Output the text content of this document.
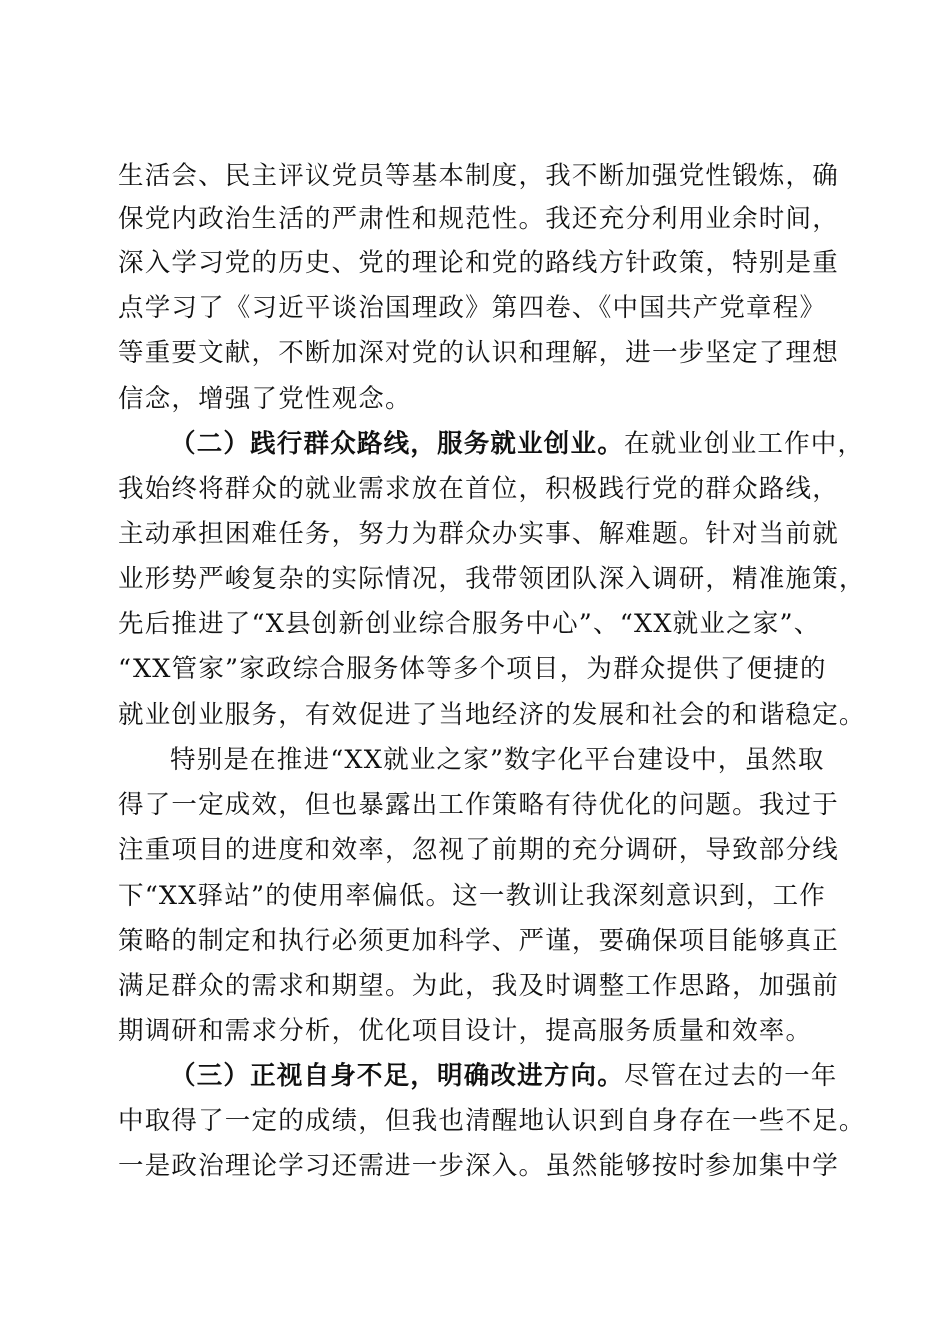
生活会、民主评议党员等基本制度，我不断加强党性锻炼，确
保党内政治生活的严肃性和规范性。我还充分利用业余时间，
深入学习党的历史、党的理论和党的路线方针政策，特别是重
点学习了《习近平谈治国理政》第四卷、《中国共产党章程》
等重要文献，不断加深对党的认识和理解，进一步坚定了理想
信念，增强了党性观念。
（二）践行群众路线，服务就业创业。在就业创业工作中，
我始终将群众的就业需求放在首位，积极践行党的群众路线，
主动承担困难任务，努力为群众办实事、解难题。针对当前就
业形势严峻复杂的实际情况，我带领团队深入调研，精准施策，
先后推进了“X县创新创业综合服务中心”、“XX就业之家”、
“XX管家”家政综合服务体等多个项目，为群众提供了便捷的
就业创业服务，有效促进了当地经济的发展和社会的和谐稳定。
特别是在推进“XX就业之家”数字化平台建设中，虽然取
得了一定成效，但也暴露出工作策略有待优化的问题。我过于
注重项目的进度和效率，忽视了前期的充分调研，导致部分线
下“XX驿站”的使用率偏低。这一教训让我深刻意识到，工作
策略的制定和执行必须更加科学、严谨，要确保项目能够真正
满足群众的需求和期望。为此，我及时调整工作思路，加强前
期调研和需求分析，优化项目设计，提高服务质量和效率。
（三）正视自身不足，明确改进方向。尽管在过去的一年
中取得了一定的成绩，但我也清醒地认识到自身存在一些不足。
一是政治理论学习还需进一步深入。虽然能够按时参加集中学
